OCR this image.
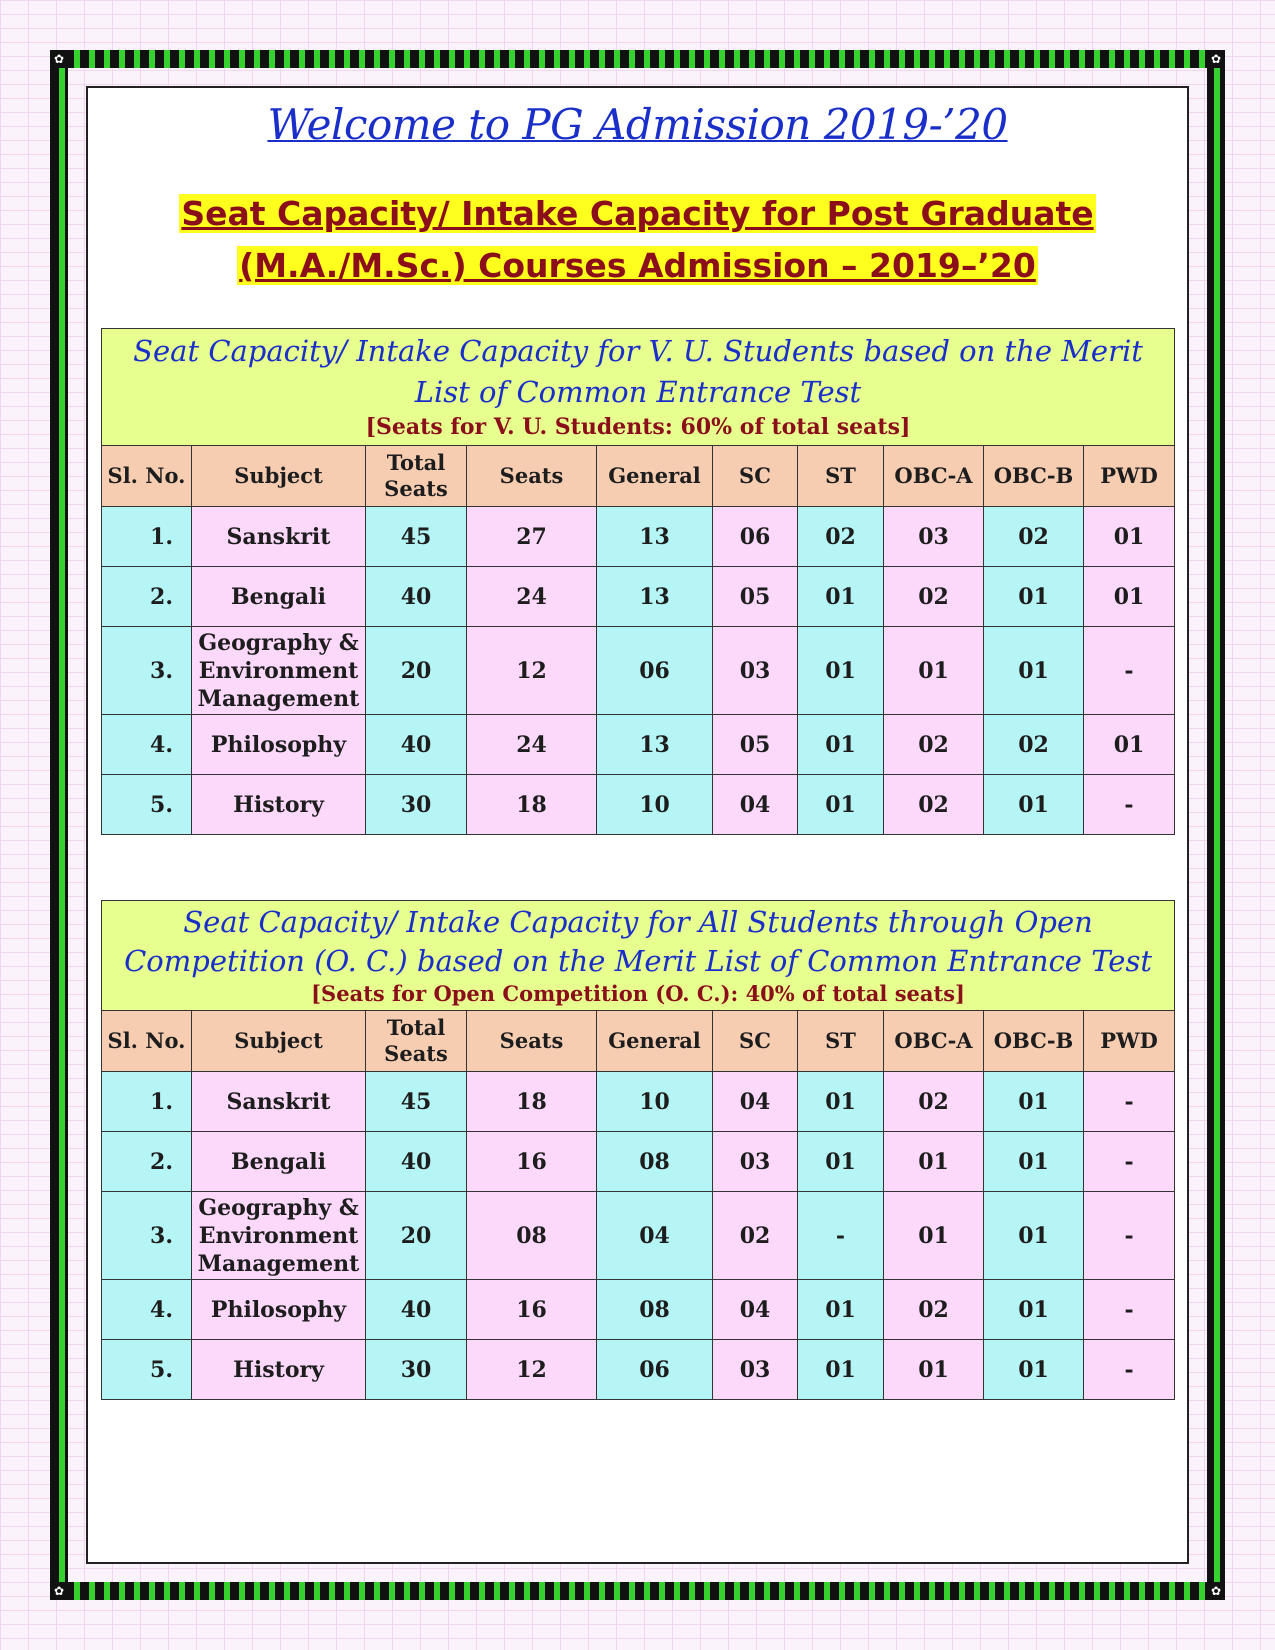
✿	✿
✿	✿
Welcome to PG Admission 2019-’20
Seat Capacity/ Intake Capacity for Post Graduate
(M.A./M.Sc.) Courses Admission – 2019–’20
Seat Capacity/ Intake Capacity for V. U. Students based on the Merit List of Common Entrance Test
[Seats for V. U. Students: 60% of total seats]									

Sl. No.	Subject	Total Seats	Seats	General	SC	ST	OBC-A	OBC-B	PWD
1.	Sanskrit	45	27	13	06	02	03	02	01
2.	Bengali	40	24	13	05	01	02	01	01
3.	Geography & Environment Management	20	12	06	03	01	01	01	-
4.	Philosophy	40	24	13	05	01	02	02	01
5.	History	30	18	10	04	01	02	01	-
Seat Capacity/ Intake Capacity for All Students through Open Competition (O. C.) based on the Merit List of Common Entrance Test
[Seats for Open Competition (O. C.): 40% of total seats]									

Sl. No.	Subject	Total Seats	Seats	General	SC	ST	OBC-A	OBC-B	PWD
1.	Sanskrit	45	18	10	04	01	02	01	-
2.	Bengali	40	16	08	03	01	01	01	-
3.	Geography & Environment Management	20	08	04	02	-	01	01	-
4.	Philosophy	40	16	08	04	01	02	01	-
5.	History	30	12	06	03	01	01	01	-
